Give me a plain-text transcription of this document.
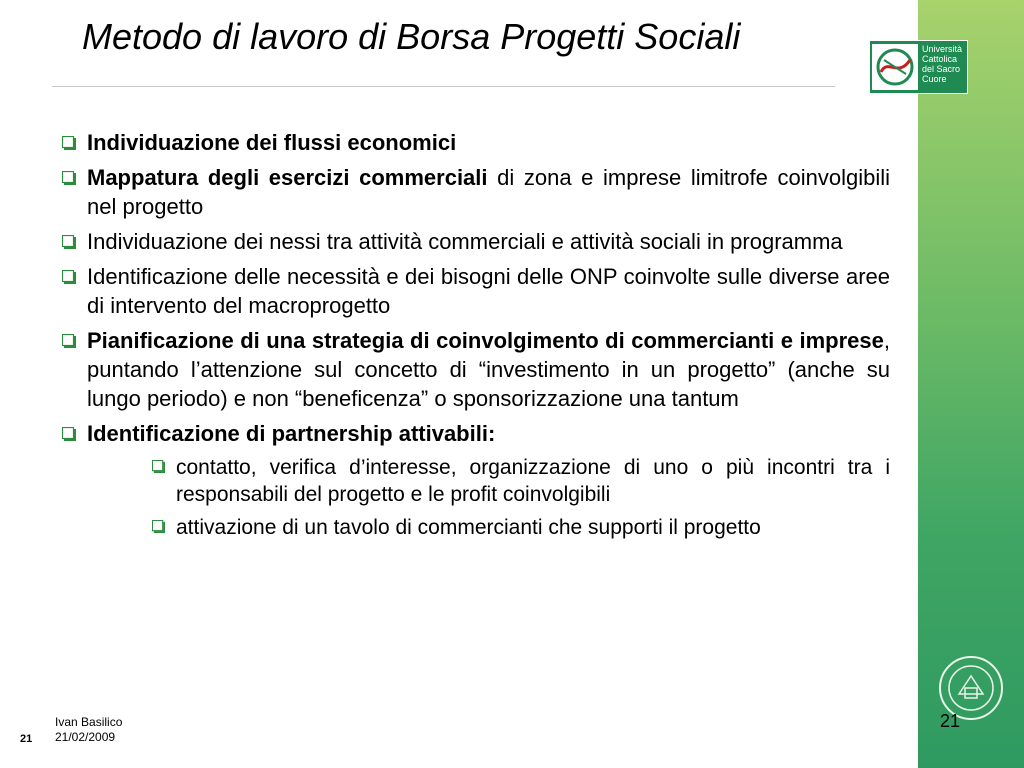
Metodo di lavoro di Borsa Progetti Sociali	Università
Cattolica
del Sacro
Cuore
Individuazione dei flussi economici
Mappatura degli esercizi commerciali di zona e imprese limitrofe coinvolgibili nel progetto
Individuazione dei nessi tra attività commerciali e attività sociali in programma
Identificazione delle necessità e dei bisogni delle ONP coinvolte sulle diverse aree di intervento del macroprogetto
Pianificazione di una strategia di coinvolgimento di commercianti e imprese, puntando l’attenzione sul concetto di “investimento in un progetto” (anche su lungo periodo) e non “beneficenza” o sponsorizzazione una tantum
Identificazione di partnership attivabili:
contatto, verifica d’interesse, organizzazione di uno o più incontri tra i responsabili del progetto e le profit coinvolgibili
attivazione di un tavolo di commercianti che supporti il progetto
Ivan Basilico
21/02/2009
21
21
